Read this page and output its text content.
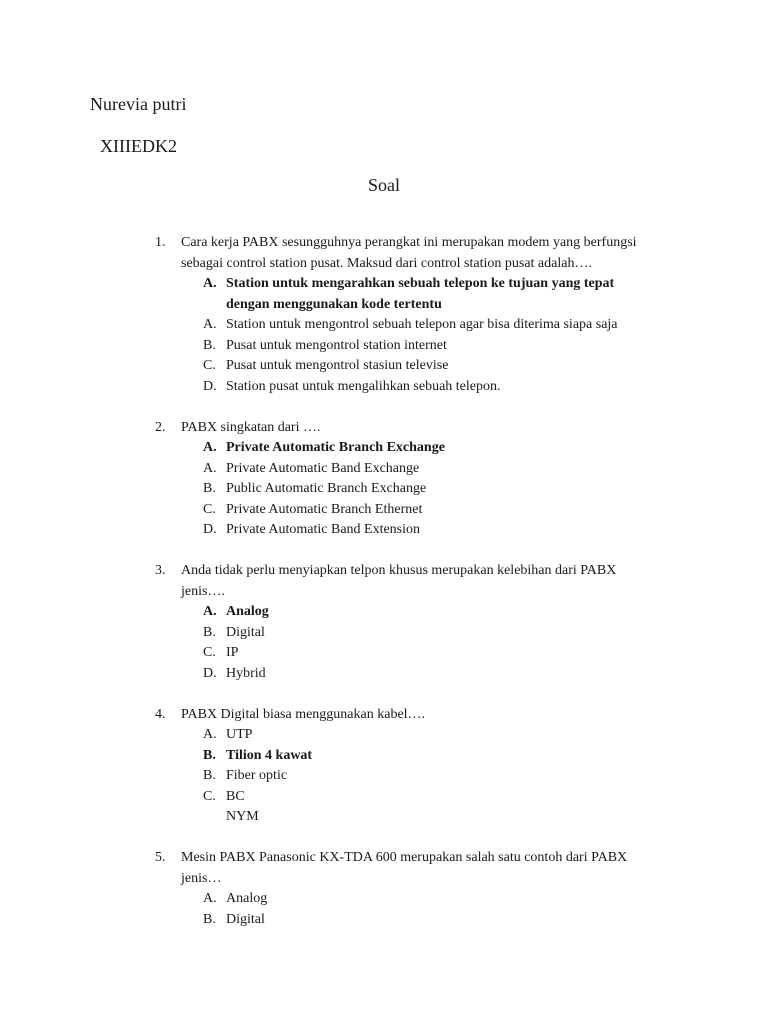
Nurevia putri
XIIIEDK2
Soal
1.	Cara kerja PABX sesungguhnya perangkat ini merupakan modem yang berfungsi sebagai control station pusat. Maksud dari control station pusat adalah….
A. Station untuk mengarahkan sebuah telepon ke tujuan yang tepat dengan menggunakan kode tertentu
A. Station untuk mengontrol sebuah telepon agar bisa diterima siapa saja
B. Pusat untuk mengontrol station internet
C. Pusat untuk mengontrol stasiun televise
D. Station pusat untuk mengalihkan sebuah telepon.
2.	PABX singkatan dari ….
A. Private Automatic Branch Exchange
A. Private Automatic Band Exchange
B. Public Automatic Branch Exchange
C. Private Automatic Branch Ethernet
D. Private Automatic Band Extension
3.	Anda tidak perlu menyiapkan telpon khusus merupakan kelebihan dari PABX jenis….
A. Analog
B. Digital
C. IP
D. Hybrid
4.	PABX Digital biasa menggunakan kabel….
A. UTP
B. Tilion 4 kawat
B. Fiber optic
C. BC
NYM
5.	Mesin PABX Panasonic KX-TDA 600 merupakan salah satu contoh dari PABX jenis…
A. Analog
B. Digital
